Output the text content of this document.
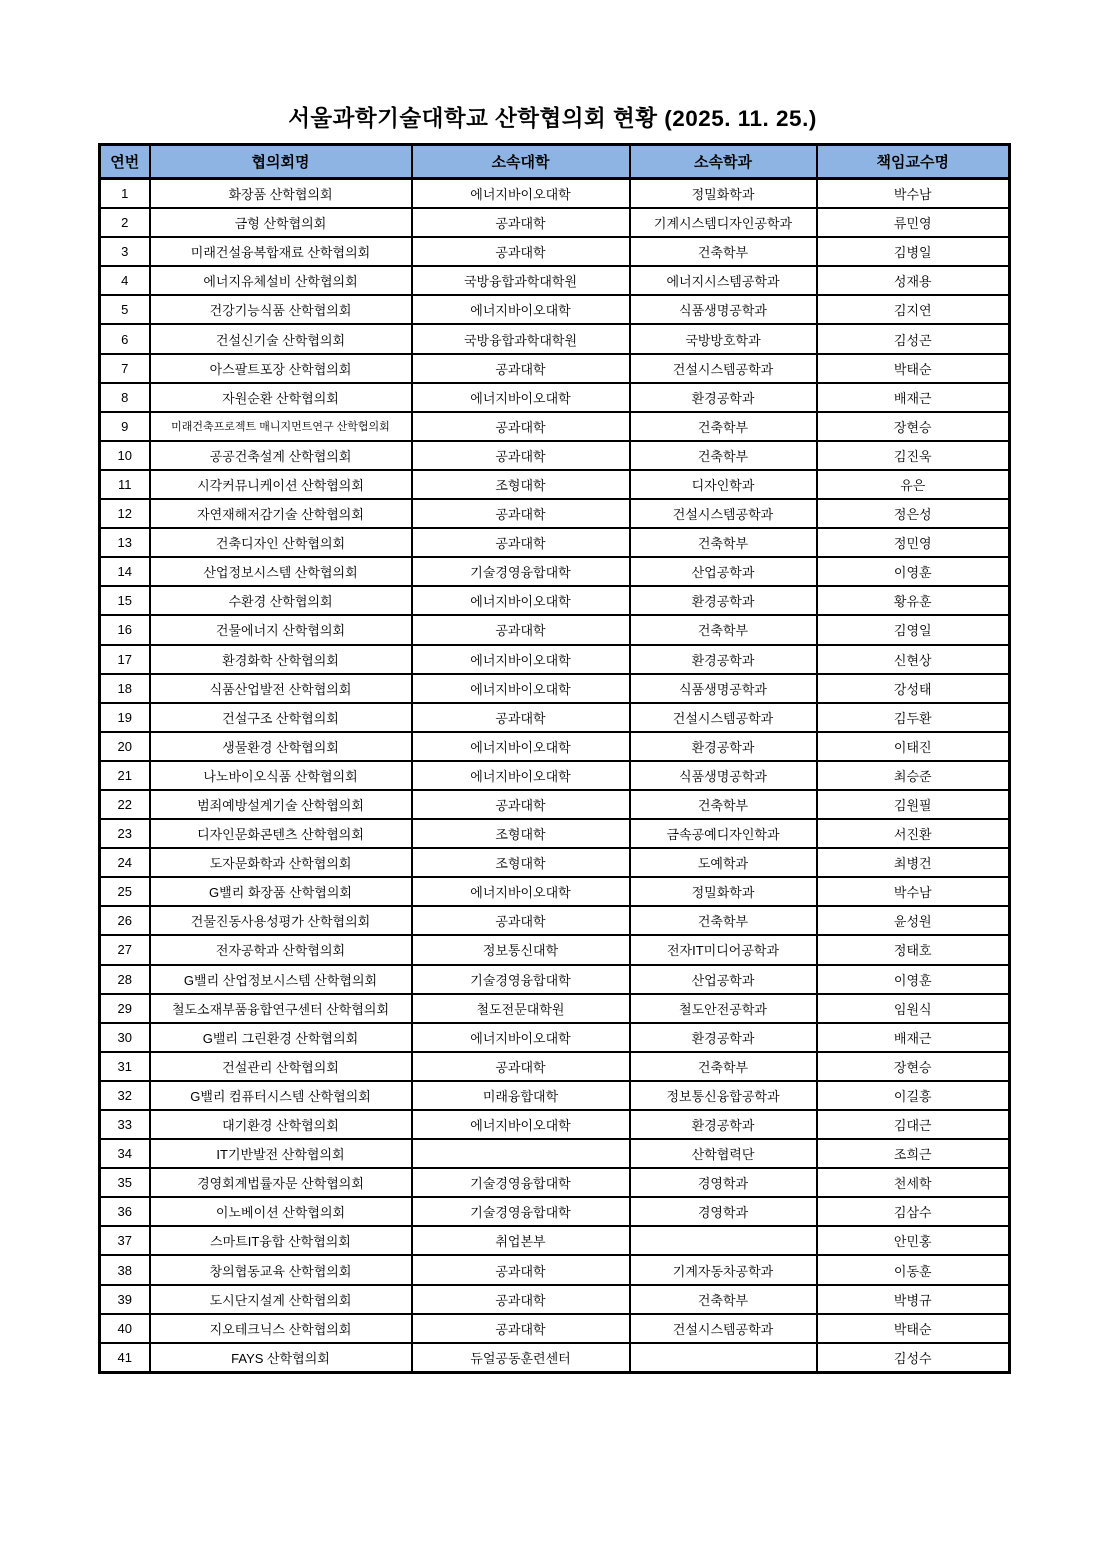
서울과학기술대학교 산학협의회 현황 (2025. 11. 25.)
연번	협의회명	소속대학	소속학과	책임교수명
1	화장품 산학협의회	에너지바이오대학	정밀화학과	박수남
2	금형 산학협의회	공과대학	기계시스템디자인공학과	류민영
3	미래건설융복합재료 산학협의회	공과대학	건축학부	김병일
4	에너지유체설비 산학협의회	국방융합과학대학원	에너지시스템공학과	성재용
5	건강기능식품 산학협의회	에너지바이오대학	식품생명공학과	김지연
6	건설신기술 산학협의회	국방융합과학대학원	국방방호학과	김성곤
7	아스팔트포장 산학협의회	공과대학	건설시스템공학과	박태순
8	자원순환 산학협의회	에너지바이오대학	환경공학과	배재근
9	미래건축프로젝트 매니지먼트연구 산학협의회	공과대학	건축학부	장현승
10	공공건축설계 산학협의회	공과대학	건축학부	김진욱
11	시각커뮤니케이션 산학협의회	조형대학	디자인학과	유은
12	자연재해저감기술 산학협의회	공과대학	건설시스템공학과	정은성
13	건축디자인 산학협의회	공과대학	건축학부	정민영
14	산업정보시스템 산학협의회	기술경영융합대학	산업공학과	이영훈
15	수환경 산학협의회	에너지바이오대학	환경공학과	황유훈
16	건물에너지 산학협의회	공과대학	건축학부	김영일
17	환경화학 산학협의회	에너지바이오대학	환경공학과	신현상
18	식품산업발전 산학협의회	에너지바이오대학	식품생명공학과	강성태
19	건설구조 산학협의회	공과대학	건설시스템공학과	김두환
20	생물환경 산학협의회	에너지바이오대학	환경공학과	이태진
21	나노바이오식품 산학협의회	에너지바이오대학	식품생명공학과	최승준
22	범죄예방설계기술 산학협의회	공과대학	건축학부	김원필
23	디자인문화콘텐츠 산학협의회	조형대학	금속공예디자인학과	서진환
24	도자문화학과 산학협의회	조형대학	도예학과	최병건
25	G밸리 화장품 산학협의회	에너지바이오대학	정밀화학과	박수남
26	건물진동사용성평가 산학협의회	공과대학	건축학부	윤성원
27	전자공학과 산학협의회	정보통신대학	전자IT미디어공학과	정태호
28	G밸리 산업정보시스템 산학협의회	기술경영융합대학	산업공학과	이영훈
29	철도소재부품융합연구센터 산학협의회	철도전문대학원	철도안전공학과	임원식
30	G밸리 그린환경 산학협의회	에너지바이오대학	환경공학과	배재근
31	건설관리 산학협의회	공과대학	건축학부	장현승
32	G밸리 컴퓨터시스템 산학협의회	미래융합대학	정보통신융합공학과	이길흥
33	대기환경 산학협의회	에너지바이오대학	환경공학과	김대근
34	IT기반발전 산학협의회		산학협력단	조희근
35	경영회계법률자문 산학협의회	기술경영융합대학	경영학과	천세학
36	이노베이션 산학협의회	기술경영융합대학	경영학과	김삼수
37	스마트IT융합 산학협의회	취업본부		안민홍
38	창의협동교육 산학협의회	공과대학	기계자동차공학과	이동훈
39	도시단지설계 산학협의회	공과대학	건축학부	박병규
40	지오테크닉스 산학협의회	공과대학	건설시스템공학과	박태순
41	FAYS 산학협의회	듀얼공동훈련센터		김성수
